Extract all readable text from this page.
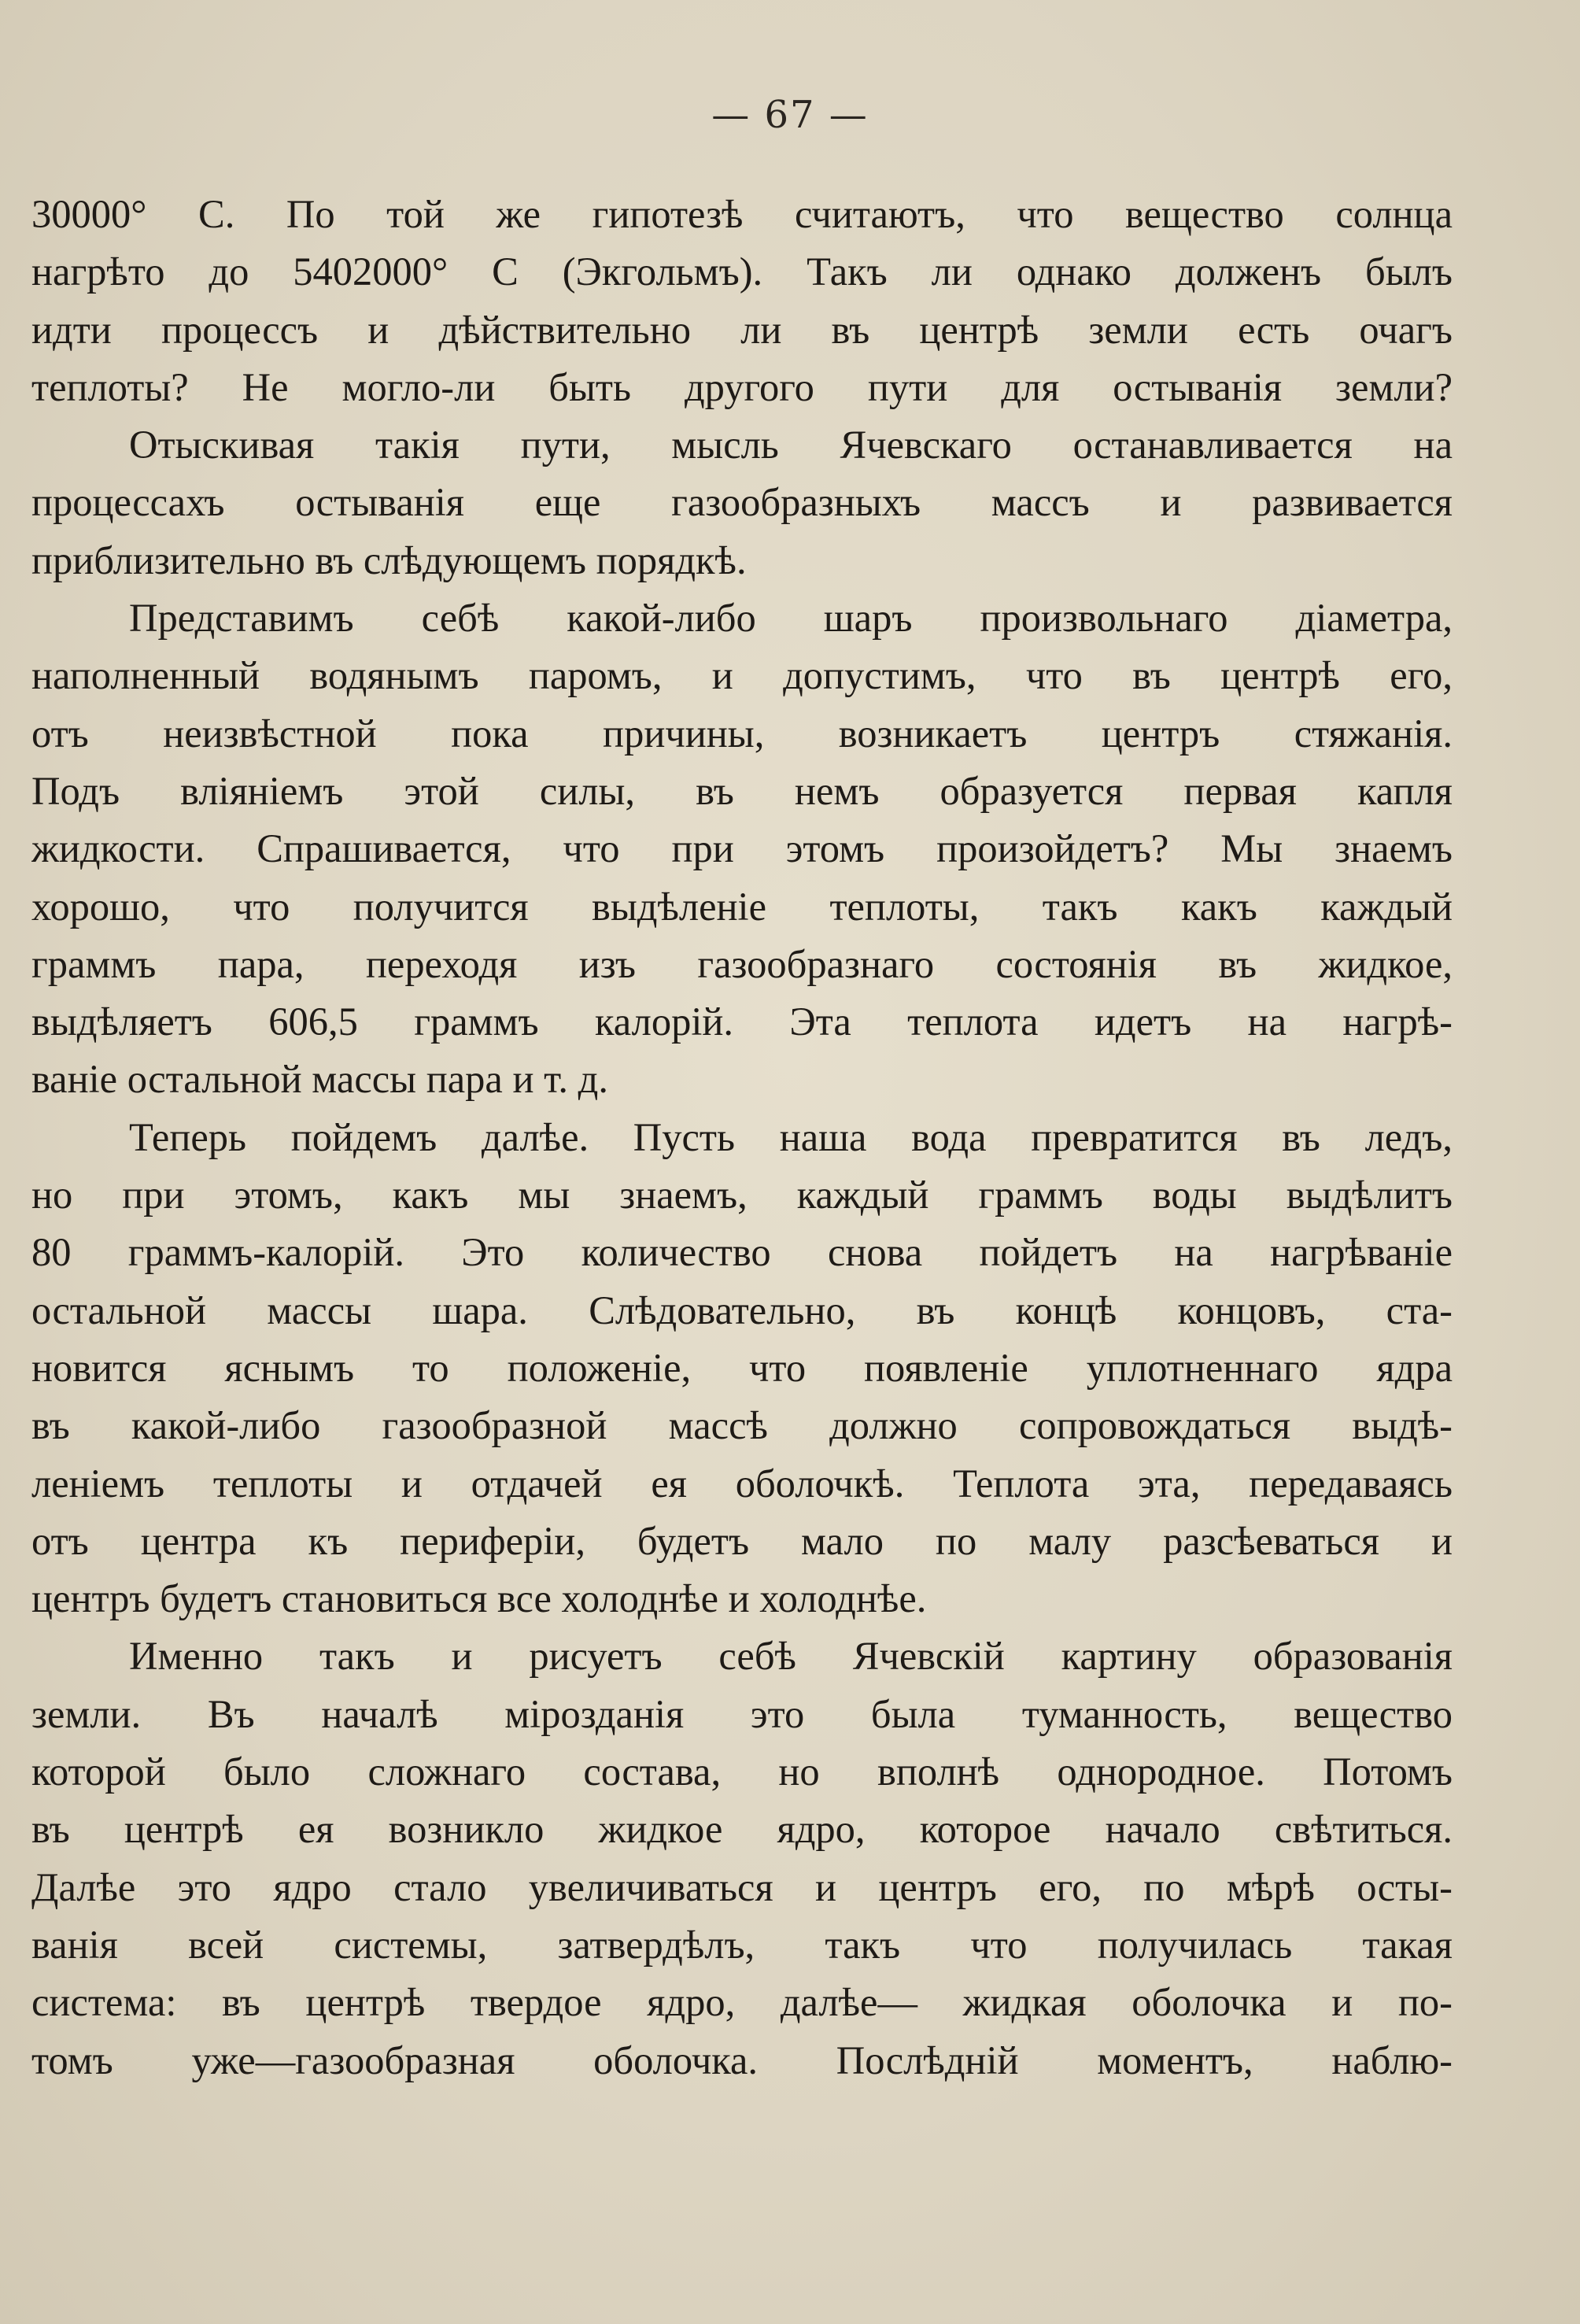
— 67 —
30000° С. По той же гипотезѣ считаютъ, что вещество солнца
нагрѣто до 5402000° С (Экгольмъ). Такъ ли однако долженъ былъ
идти процессъ и дѣйствительно ли въ центрѣ земли есть очагъ
теплоты? Не могло-ли быть другого пути для остыванія земли?
Отыскивая такія пути, мысль Ячевскаго останавливается на
процессахъ остыванія еще газообразныхъ массъ и развивается
приблизительно въ слѣдующемъ порядкѣ.
Представимъ себѣ какой-либо шаръ произвольнаго діаметра,
наполненный водянымъ паромъ, и допустимъ, что въ центрѣ его,
отъ неизвѣстной пока причины, возникаетъ центръ стяжанія.
Подъ вліяніемъ этой силы, въ немъ образуется первая капля
жидкости. Спрашивается, что при этомъ произойдетъ? Мы знаемъ
хорошо, что получится выдѣленіе теплоты, такъ какъ каждый
граммъ пара, переходя изъ газообразнаго состоянія въ жидкое,
выдѣляетъ 606,5 граммъ калорій. Эта теплота идетъ на нагрѣ-
ваніе остальной массы пара и т. д.
Теперь пойдемъ далѣе. Пусть наша вода превратится въ ледъ,
но при этомъ, какъ мы знаемъ, каждый граммъ воды выдѣлитъ
80 граммъ-калорій. Это количество снова пойдетъ на нагрѣваніе
остальной массы шара. Слѣдовательно, въ концѣ концовъ, ста-
новится яснымъ то положеніе, что появленіе уплотненнаго ядра
въ какой-либо газообразной массѣ должно сопровождаться выдѣ-
леніемъ теплоты и отдачей ея оболочкѣ. Теплота эта, передаваясь
отъ центра къ периферіи, будетъ мало по малу разсѣеваться и
центръ будетъ становиться все холоднѣе и холоднѣе.
Именно такъ и рисуетъ себѣ Ячевскій картину образованія
земли. Въ началѣ мірозданія это была туманность, вещество
которой было сложнаго состава, но вполнѣ однородное. Потомъ
въ центрѣ ея возникло жидкое ядро, которое начало свѣтиться.
Далѣе это ядро стало увеличиваться и центръ его, по мѣрѣ осты-
ванія всей системы, затвердѣлъ, такъ что получилась такая
система: въ центрѣ твердое ядро, далѣе— жидкая оболочка и по-
томъ уже—газообразная оболочка. Послѣдній моментъ, наблю-
